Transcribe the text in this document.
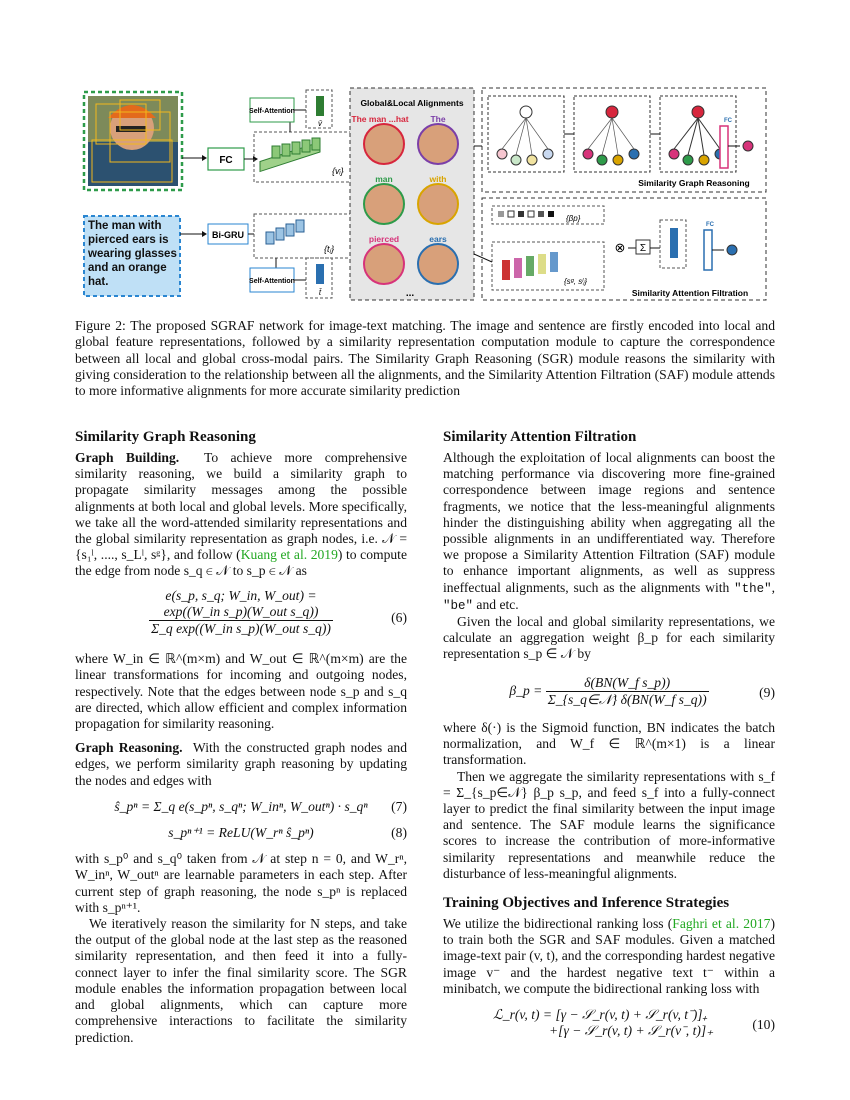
FC
{vᵢ}
Self-Attention
v̄
The man with pierced ears is wearing glasses and an orange hat.
Bi-GRU
{tⱼ}
Self-Attention
t̄
Global&Local Alignments
The man ...hat	The
man	with
pierced	ears
...
FC
Similarity Graph Reasoning
{βp}
{sᵍ, sˡⱼ}
⊗ Σ
FC
Similarity Attention Filtration
Figure 2: The proposed SGRAF network for image-text matching. The image and sentence are firstly encoded into local and global feature representations, followed by a similarity representation computation module to capture the correspondence between all local and global cross-modal pairs. The Similarity Graph Reasoning (SGR) module reasons the similarity with giving consideration to the relationship between all the alignments, and the Similarity Attention Filtration (SAF) module attends to more informative alignments for more accurate similarity prediction
Similarity Graph Reasoning

Graph Building. To achieve more comprehensive similarity reasoning, we build a similarity graph to propagate similarity messages among the possible alignments at both local and global levels. More specifically, we take all the word-attended similarity representations and the global similarity representation as graph nodes, i.e. 𝒩 = {s₁ˡ, ...., s_Lˡ, sᵍ}, and follow (Kuang et al. 2019) to compute the edge from node s_q ∈ 𝒩 to s_p ∈ 𝒩 as

e(s_p, s_q; W_in, W_out) =
$\frac{\text{exp((W\_in s\_p)(W\_out s\_q))}}{\text{Σ\_q exp((W\_in s\_p)(W\_out s\_q))}}$	(6)

where W_in ∈ ℝ^(m×m) and W_out ∈ ℝ^(m×m) are the linear transformations for incoming and outgoing nodes, respectively. Note that the edges between node s_p and s_q are directed, which allow efficient and complex information propagation for similarity reasoning.

Graph Reasoning. With the constructed graph nodes and edges, we perform similarity graph reasoning by updating the nodes and edges with

ŝ_pⁿ = Σ_q e(s_pⁿ, s_qⁿ; W_inⁿ, W_outⁿ) · s_qⁿ (7)
s_pⁿ⁺¹ = ReLU(W_rⁿ ŝ_pⁿ)	(8)

with s_p⁰ and s_q⁰ taken from 𝒩 at step n = 0, and W_rⁿ, W_inⁿ, W_outⁿ are learnable parameters in each step. After current step of graph reasoning, the node s_pⁿ is replaced with s_pⁿ⁺¹.

We iteratively reason the similarity for N steps, and take the output of the global node at the last step as the reasoned similarity representation, and then feed it into a fully-connect layer to infer the final similarity score. The SGR module enables the information propagation between local and global alignments, which can capture more comprehensive interactions to facilitate the similarity prediction.

Similarity Attention Filtration

Although the exploitation of local alignments can boost the matching performance via discovering more fine-grained correspondence between image regions and sentence fragments, we notice that the less-meaningful alignments hinder the distinguishing ability when aggregating all the possible alignments in an undifferentiated way. Therefore we propose a Similarity Attention Filtration (SAF) module to enhance important alignments, as well as suppress ineffectual alignments, such as the alignments with "the", "be" and etc.

Given the local and global similarity representations, we calculate an aggregation weight β_p for each similarity representation s_p ∈ 𝒩 by

β_p = $\frac{\text{δ(BN(W\_f s\_p))}}{\text{Σ\_\{s\_q∈𝒩\} δ(BN(W\_f s\_q))}}$	(9)

where δ(·) is the Sigmoid function, BN indicates the batch normalization, and W_f ∈ ℝ^(m×1) is a linear transformation.

Then we aggregate the similarity representations with s_f = Σ_{s_p∈𝒩} β_p s_p, and feed s_f into a fully-connect layer to predict the final similarity between the input image and sentence. The SAF module learns the significance scores to increase the contribution of more-informative similarity representations and meanwhile reduce the disturbance of less-meaningful alignments.

Training Objectives and Inference Strategies

We utilize the bidirectional ranking loss (Faghri et al. 2017) to train both the SGR and SAF modules. Given a matched image-text pair (v, t), and the corresponding hardest negative image v⁻ and the hardest negative text t⁻ within a minibatch, we compute the bidirectional ranking loss with

ℒ_r(v, t) = [γ − 𝒮_r(v, t) + 𝒮_r(v, t⁻)]₊
+[γ − 𝒮_r(v, t) + 𝒮_r(v⁻, t)]₊	(10)
